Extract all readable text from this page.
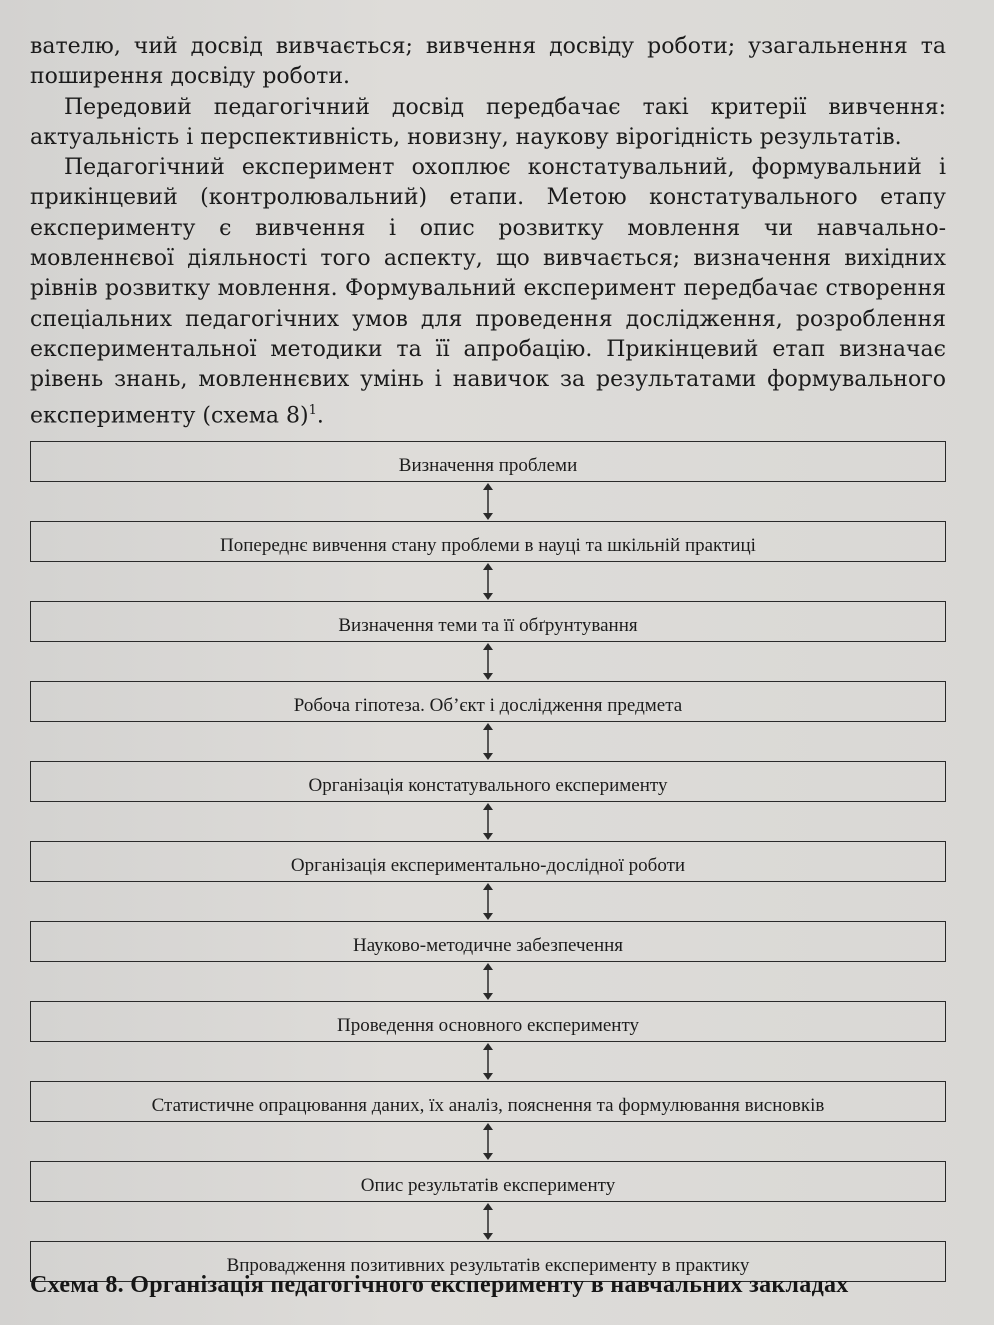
вателю, чий досвід вивчається; вивчення досвіду роботи; узагальнення та поширення досвіду роботи.

Передовий педагогічний досвід передбачає такі критерії вивчення: актуальність і перспективність, новизну, наукову вірогідність результатів.

Педагогічний експеримент охоплює констатувальний, формувальний і прикінцевий (контролювальний) етапи. Метою констатувального етапу експерименту є вивчення і опис розвитку мовлення чи навчально-мовленнєвої діяльності того аспекту, що вивчається; визначення вихідних рівнів розвитку мовлення. Формувальний експеримент передбачає створення спеціальних педагогічних умов для проведення дослідження, розроблення експериментальної методики та її апробацію. Прикінцевий етап визначає рівень знань, мовленнєвих умінь і навичок за результатами формувального експерименту (схема 8)$^1$.

Визначення проблеми
Попереднє вивчення стану проблеми в науці та шкільній практиці
Визначення теми та її обґрунтування
Робоча гіпотеза. Об’єкт і дослідження предмета
Організація констатувального експерименту
Організація експериментально-дослідної роботи
Науково-методичне забезпечення
Проведення основного експерименту
Статистичне опрацювання даних, їх аналіз, пояснення та формулювання висновків
Опис результатів експерименту
Впровадження позитивних результатів експерименту в практику
Схема 8. Організація педагогічного експерименту в навчальних закладах
